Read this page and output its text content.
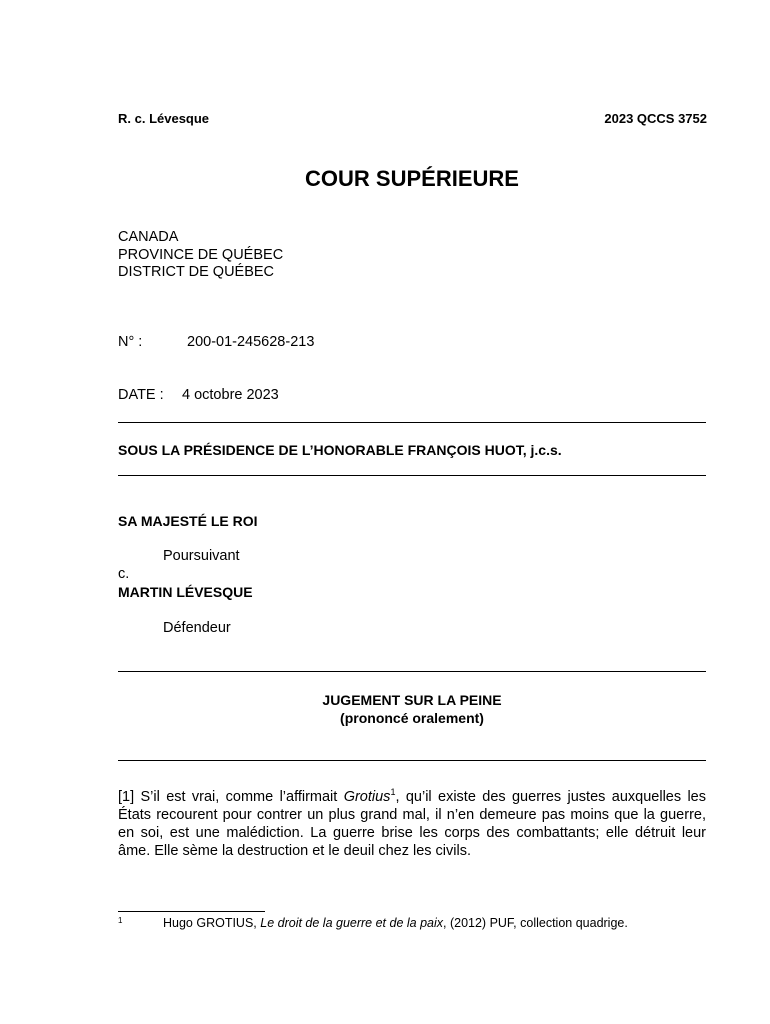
R. c. Lévesque	2023 QCCS 3752
COUR SUPÉRIEURE
CANADA
PROVINCE DE QUÉBEC
DISTRICT DE QUÉBEC
N° :	200-01-245628-213
DATE : 4 octobre 2023
SOUS LA PRÉSIDENCE DE L’HONORABLE FRANÇOIS HUOT, j.c.s.
SA MAJESTÉ LE ROI
Poursuivant
c.
MARTIN LÉVESQUE
Défendeur
JUGEMENT SUR LA PEINE
(prononcé oralement)
[1] S’il est vrai, comme l’affirmait Grotius$^1$, qu’il existe des guerres justes auxquelles les États recourent pour contrer un plus grand mal, il n’en demeure pas moins que la guerre, en soi, est une malédiction. La guerre brise les corps des combattants; elle détruit leur âme. Elle sème la destruction et le deuil chez les civils.
1	Hugo GROTIUS, Le droit de la guerre et de la paix, (2012) PUF, collection quadrige.
